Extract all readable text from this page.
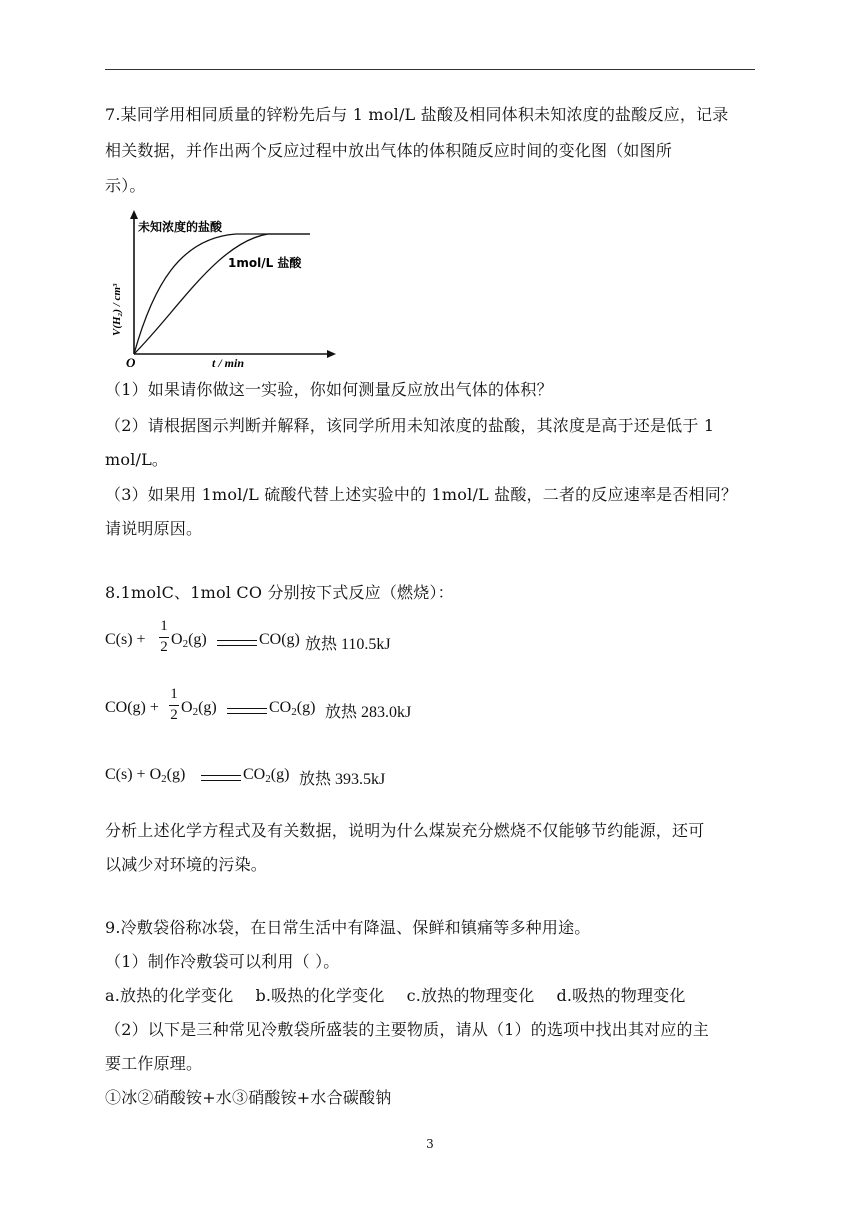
7.某同学用相同质量的锌粉先后与 1 mol/L 盐酸及相同体积未知浓度的盐酸反应，记录
相关数据，并作出两个反应过程中放出气体的体积随反应时间的变化图（如图所
示）。
未知浓度的盐酸
1mol/L 盐酸
V(H₂) / cm³
O	t / min
（1）如果请你做这一实验，你如何测量反应放出气体的体积？
（2）请根据图示判断并解释，该同学所用未知浓度的盐酸，其浓度是高于还是低于 1
mol/L。
（3）如果用 1mol/L 硫酸代替上述实验中的 1mol/L 盐酸，二者的反应速率是否相同？
请说明原因。
8.1molC、1mol CO 分别按下式反应（燃烧）：
C(s) +
1
2 $O_2(g)$	CO(g) 放热 110.5kJ
CO(g) +
1
2 $O_2(g)$	$CO_2(g)$ 放热 283.0kJ
$C(s) + O_2(g)$	$CO_2(g)$ 放热 393.5kJ
分析上述化学方程式及有关数据，说明为什么煤炭充分燃烧不仅能够节约能源，还可
以减少对环境的污染。
9.冷敷袋俗称冰袋，在日常生活中有降温、保鲜和镇痛等多种用途。
（1）制作冷敷袋可以利用（ ）。
a.放热的化学变化 b.吸热的化学变化 c.放热的物理变化 d.吸热的物理变化
（2）以下是三种常见冷敷袋所盛装的主要物质，请从（1）的选项中找出其对应的主
要工作原理。
①冰②硝酸铵+水③硝酸铵+水合碳酸钠
3
